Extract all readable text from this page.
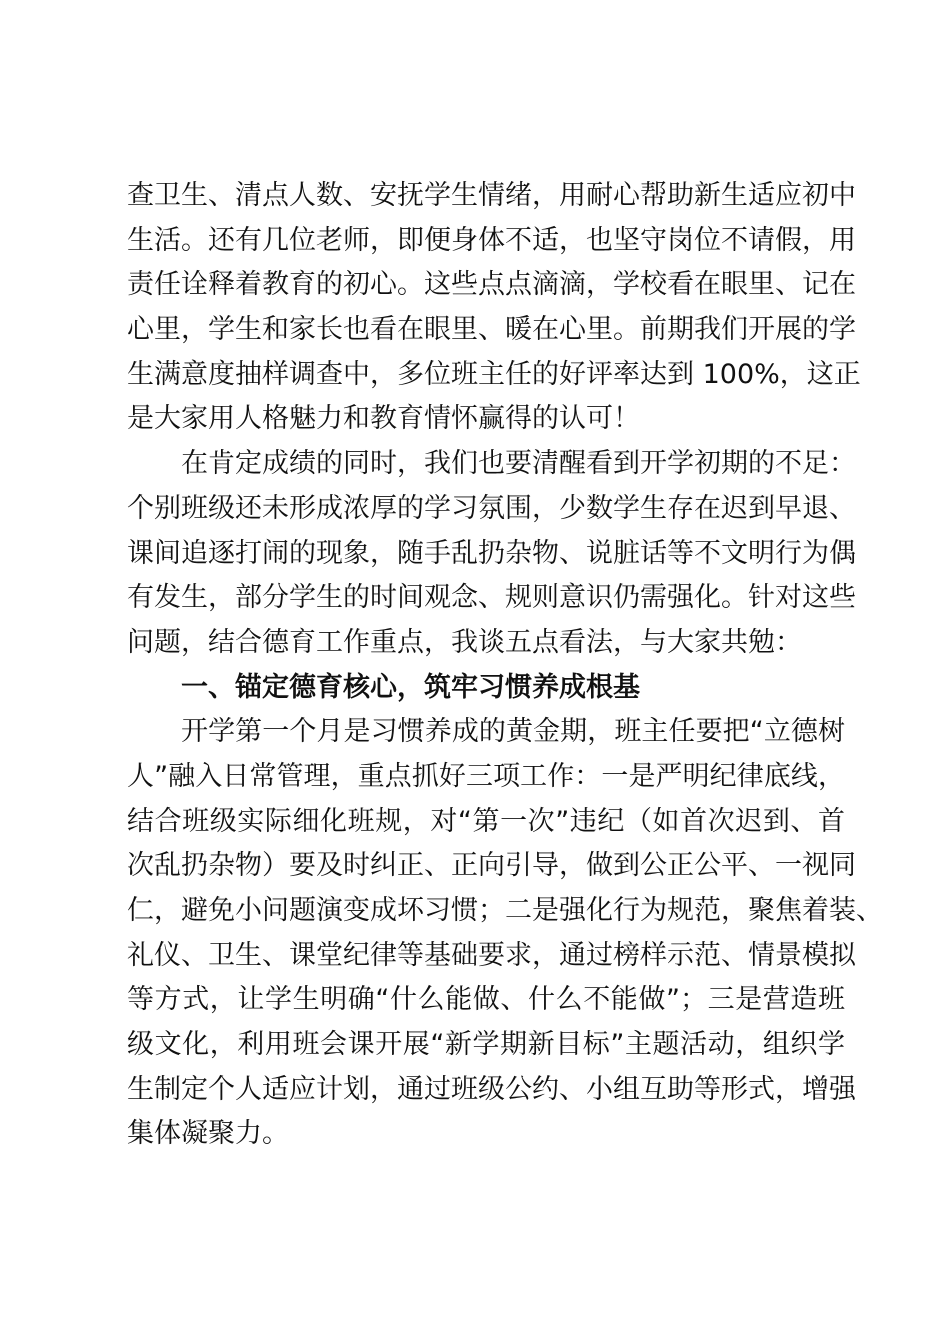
查卫生、清点人数、安抚学生情绪，用耐心帮助新生适应初中
生活。还有几位老师，即便身体不适，也坚守岗位不请假，用
责任诠释着教育的初心。这些点点滴滴，学校看在眼里、记在
心里，学生和家长也看在眼里、暖在心里。前期我们开展的学
生满意度抽样调查中，多位班主任的好评率达到 100%，这正
是大家用人格魅力和教育情怀赢得的认可！
在肯定成绩的同时，我们也要清醒看到开学初期的不足：
个别班级还未形成浓厚的学习氛围，少数学生存在迟到早退、
课间追逐打闹的现象，随手乱扔杂物、说脏话等不文明行为偶
有发生，部分学生的时间观念、规则意识仍需强化。针对这些
问题，结合德育工作重点，我谈五点看法，与大家共勉：
一、锚定德育核心，筑牢习惯养成根基
开学第一个月是习惯养成的黄金期，班主任要把“立德树
人”融入日常管理，重点抓好三项工作：一是严明纪律底线，
结合班级实际细化班规，对“第一次”违纪（如首次迟到、首
次乱扔杂物）要及时纠正、正向引导，做到公正公平、一视同
仁，避免小问题演变成坏习惯；二是强化行为规范，聚焦着装、
礼仪、卫生、课堂纪律等基础要求，通过榜样示范、情景模拟
等方式，让学生明确“什么能做、什么不能做”；三是营造班
级文化，利用班会课开展“新学期新目标”主题活动，组织学
生制定个人适应计划，通过班级公约、小组互助等形式，增强
集体凝聚力。
